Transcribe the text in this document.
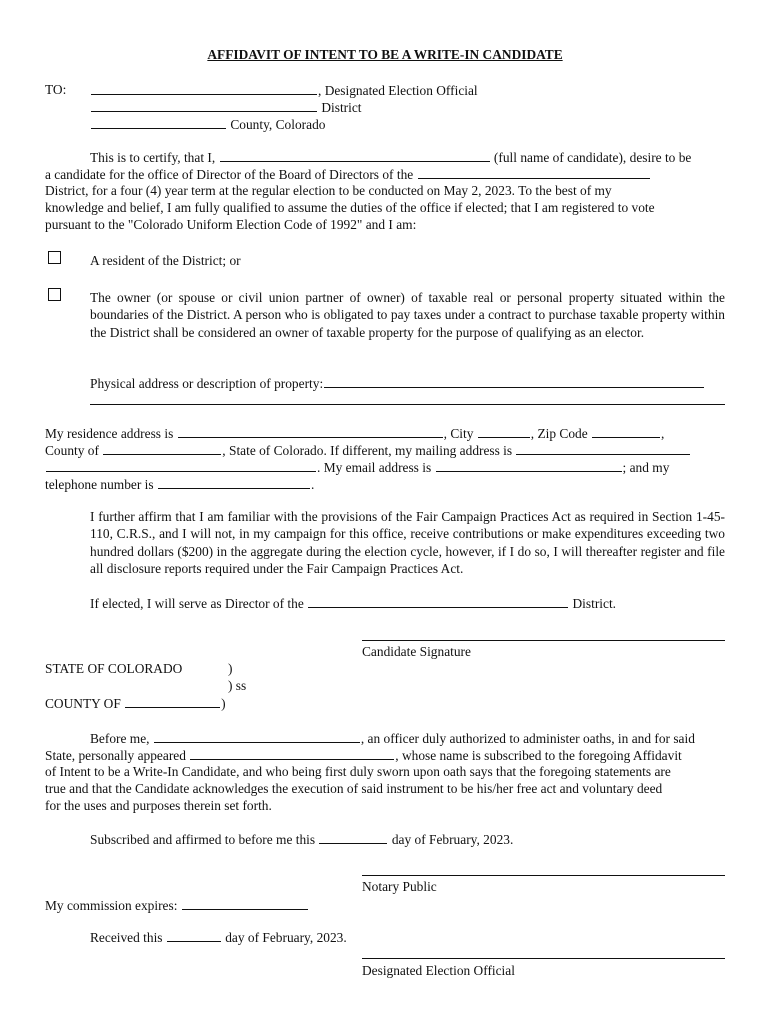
AFFIDAVIT OF INTENT TO BE A WRITE-IN CANDIDATE
TO:	, Designated Election Official
District
County, Colorado
This is to certify, that I,	(full name of candidate), desire to be
a candidate for the office of Director of the Board of Directors of the
District, for a four (4) year term at the regular election to be conducted on May 2, 2023. To the best of my
knowledge and belief, I am fully qualified to assume the duties of the office if elected; that I am registered to vote
pursuant to the "Colorado Uniform Election Code of 1992" and I am:
A resident of the District; or
The owner (or spouse or civil union partner of owner) of taxable real or personal property situated within the boundaries of the District. A person who is obligated to pay taxes under a contract to purchase taxable property within the District shall be considered an owner of taxable property for the purpose of qualifying as an elector.
Physical address or description of property:
My residence address is	, City	, Zip Code	,
County of	, State of Colorado. If different, my mailing address is
. My email address is	; and my
telephone number is	.
I further affirm that I am familiar with the provisions of the Fair Campaign Practices Act as required in Section 1-45-110, C.R.S., and I will not, in my campaign for this office, receive contributions or make expenditures exceeding two hundred dollars ($200) in the aggregate during the election cycle, however, if I do so, I will thereafter register and file all disclosure reports required under the Fair Campaign Practices Act.
If elected, I will serve as Director of the	District.
Candidate Signature
STATE OF COLORADO	)
) ss
COUNTY OF	)
Before me,	, an officer duly authorized to administer oaths, in and for said
State, personally appeared	, whose name is subscribed to the foregoing Affidavit
of Intent to be a Write-In Candidate, and who being first duly sworn upon oath says that the foregoing statements are
true and that the Candidate acknowledges the execution of said instrument to be his/her free act and voluntary deed
for the uses and purposes therein set forth.
Subscribed and affirmed to before me this	day of February, 2023.
Notary Public
My commission expires:
Received this	day of February, 2023.
Designated Election Official
